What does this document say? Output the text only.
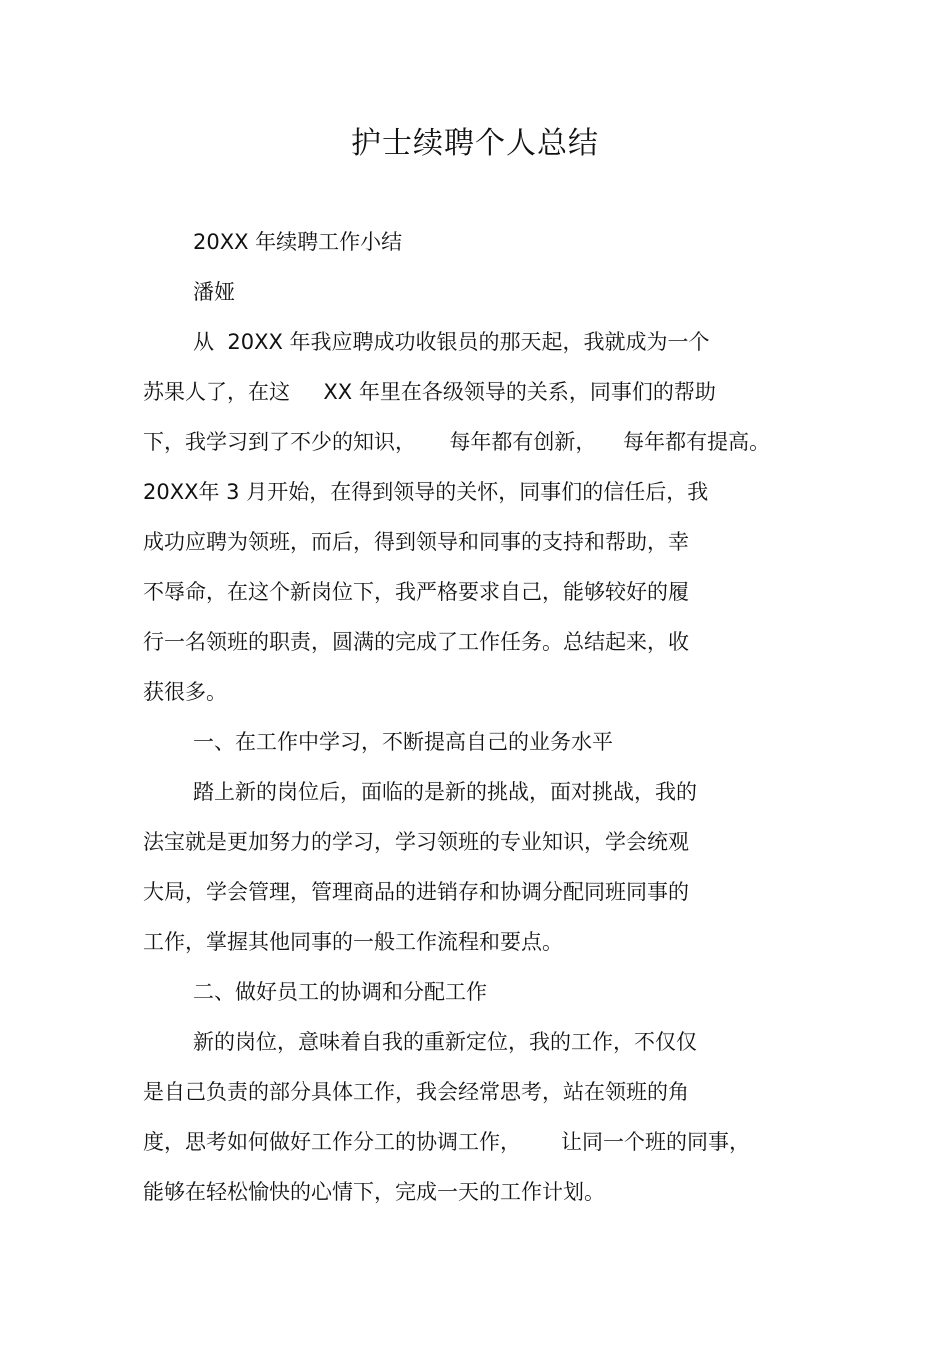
护士续聘个人总结
20XX 年续聘工作小结
潘娅
从  20XX 年我应聘成功收银员的那天起，我就成为一个
苏果人了，在这     XX 年里在各级领导的关系，同事们的帮助
下，我学习到了不少的知识，     每年都有创新，    每年都有提高。
20XX年 3 月开始，在得到领导的关怀，同事们的信任后，我
成功应聘为领班，而后，得到领导和同事的支持和帮助，幸
不辱命，在这个新岗位下，我严格要求自己，能够较好的履
行一名领班的职责，圆满的完成了工作任务。总结起来，收
获很多。
一、在工作中学习，不断提高自己的业务水平
踏上新的岗位后，面临的是新的挑战，面对挑战，我的
法宝就是更加努力的学习，学习领班的专业知识，学会统观
大局，学会管理，管理商品的进销存和协调分配同班同事的
工作，掌握其他同事的一般工作流程和要点。
二、做好员工的协调和分配工作
新的岗位，意味着自我的重新定位，我的工作，不仅仅
是自己负责的部分具体工作，我会经常思考，站在领班的角
度，思考如何做好工作分工的协调工作，      让同一个班的同事，
能够在轻松愉快的心情下，完成一天的工作计划。
